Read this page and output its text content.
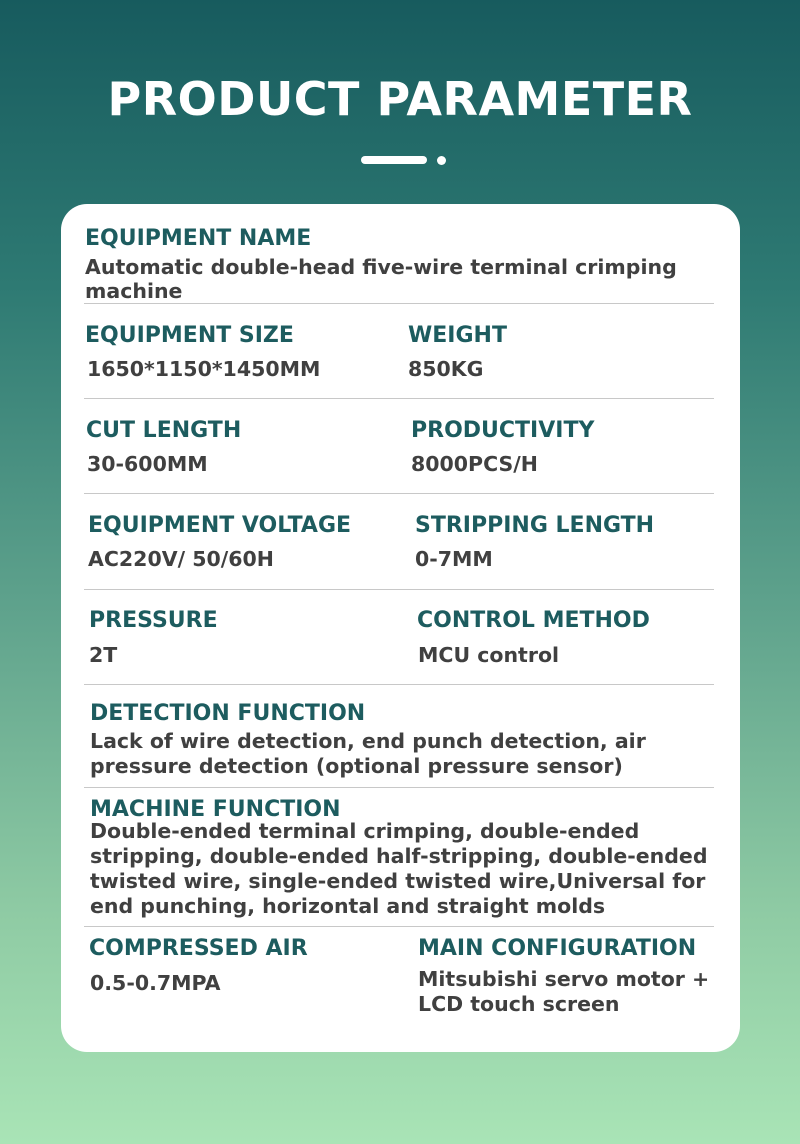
PRODUCT PARAMETER
EQUIPMENT NAME
Automatic double-head five-wire terminal crimping machine
EQUIPMENT SIZE
1650*1150*1450MM
WEIGHT
850KG
CUT LENGTH
30-600MM
PRODUCTIVITY
8000PCS/H
EQUIPMENT VOLTAGE
AC220V/ 50/60H
STRIPPING LENGTH
0-7MM
PRESSURE
2T
CONTROL METHOD
MCU control
DETECTION FUNCTION
Lack of wire detection, end punch detection, air pressure detection (optional pressure sensor)
MACHINE FUNCTION
Double-ended terminal crimping, double-ended stripping, double-ended half-stripping, double-ended twisted wire, single-ended twisted wire,Universal for end punching, horizontal and straight molds
COMPRESSED AIR
0.5-0.7MPA
MAIN CONFIGURATION
Mitsubishi servo motor + LCD touch screen
